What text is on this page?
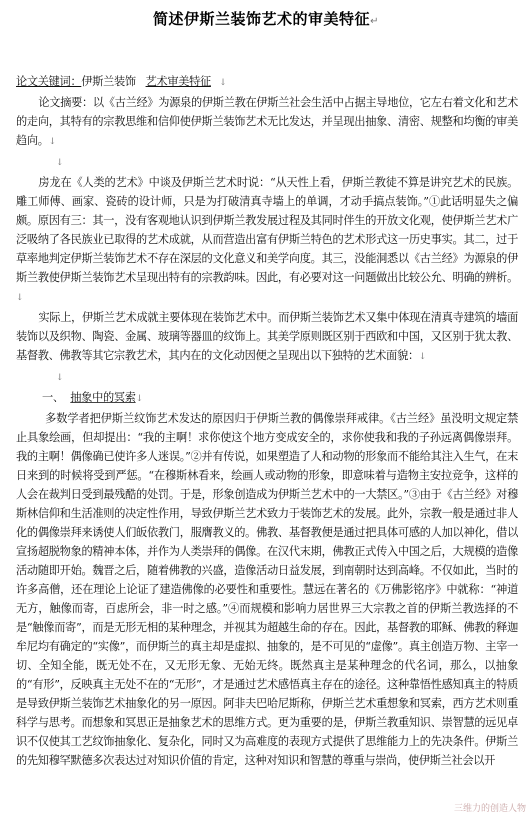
简述伊斯兰装饰艺术的审美特征↵

论文关键词：伊斯兰装饰 艺术审美特征   ↓

论文摘要：以《古兰经》为源泉的伊斯兰教在伊斯兰社会生活中占据主导地位，它左右着文化和艺术的走向，其特有的宗教思维和信仰使伊斯兰装饰艺术无比发达，并呈现出抽象、清密、规整和均衡的审美趋向。↓

↓

房龙在《人类的艺术》中谈及伊斯兰艺术时说：“从天性上看，伊斯兰教徒不算是讲究艺术的民族。雕工师傅、画家、瓷砖的设计师，只是为打破清真寺墙上的单调，才动手搞点装饰。”①此话明显失之偏颇。原因有三：其一，没有客观地认识到伊斯兰教发展过程及其同时伴生的开放文化观，使伊斯兰艺术广泛吸纳了各民族业已取得的艺术成就，从而营造出富有伊斯兰特色的艺术形式这一历史事实。其二，过于草率地判定伊斯兰装饰艺术不存在深层的文化意义和美学向度。其三，没能洞悉以《古兰经》为源泉的伊斯兰教使伊斯兰装饰艺术呈现出特有的宗教韵味。因此，有必要对这一问题做出比较公允、明确的辨析。↓

实际上，伊斯兰艺术成就主要体现在装饰艺术中。而伊斯兰装饰艺术又集中体现在清真寺建筑的墙面装饰以及织物、陶瓷、金属、玻璃等器皿的纹饰上。其美学原则既区别于西欧和中国，又区别于犹太教、基督教、佛教等其它宗教艺术，其内在的文化动因便之呈现出以下独特的艺术面貌：↓

↓

一、 抽象中的冥索↓

多数学者把伊斯兰纹饰艺术发达的原因归于伊斯兰教的偶像崇拜戒律。《古兰经》虽没明文规定禁止具象绘画，但却提出：“我的主啊！求你使这个地方变成安全的，求你使我和我的子孙远离偶像崇拜。我的主啊！偶像确已使许多人迷误。”②并有传说，如果塑造了人和动物的形象而不能给其注入生气，在末日来到的时候将受到严惩。“在穆斯林看来，绘画人或动物的形象，即意味着与造物主安拉竞争，这样的人会在裁判日受到最残酷的处罚。于是，形象创造成为伊斯兰艺术中的一大禁区。”③由于《古兰经》对穆斯林信仰和生活准则的决定性作用，导致伊斯兰艺术致力于装饰艺术的发展。此外，宗教一般是通过非人化的偶像崇拜来诱使人们皈依教门，服膺教义的。佛教、基督教便是通过把具体可感的人加以神化，借以宣扬超脱物象的精神本体，并作为人类崇拜的偶像。在汉代末期，佛教正式传入中国之后，大规模的造像活动随即开始。魏晋之后，随着佛教的兴盛，造像活动日益发展，到南朝时达到高峰。不仅如此，当时的许多高僧，还在理论上论证了建造佛像的必要性和重要性。慧远在著名的《万佛影铭序》中就称：“神道无方，触像而寄，百虑所会，非一时之感。”④而规模和影响力居世界三大宗教之首的伊斯兰教选择的不是“触像而寄”，而是无形无相的某种理念，并视其为超越生命的存在。因此，基督教的耶稣、佛教的释迦牟尼均有确定的“实像”，而伊斯兰的真主却是虚拟、抽象的，是不可见的“虚像”。真主创造万物、主宰一切、全知全能，既无处不在，又无形无象、无始无终。既然真主是某种理念的代名词，那么，以抽象的“有形”，反映真主无处不在的“无形”，才是通过艺术感悟真主存在的途径。这种靠悟性感知真主的特质是导致伊斯兰装饰艺术抽象化的另一原因。阿非夫巴哈尼斯称，伊斯兰艺术重想象和冥索，西方艺术则重科学与思考。而想象和冥思正是抽象艺术的思维方式。更为重要的是，伊斯兰教重知识、崇智慧的远见卓识不仅使其工艺纹饰抽象化、复杂化，同时又为高难度的表现方式提供了思维能力上的先决条件。伊斯兰的先知穆罕默德多次表达过对知识价值的肯定，这种对知识和智慧的尊重与崇尚，使伊斯兰社会以开

三维力的创造人物
